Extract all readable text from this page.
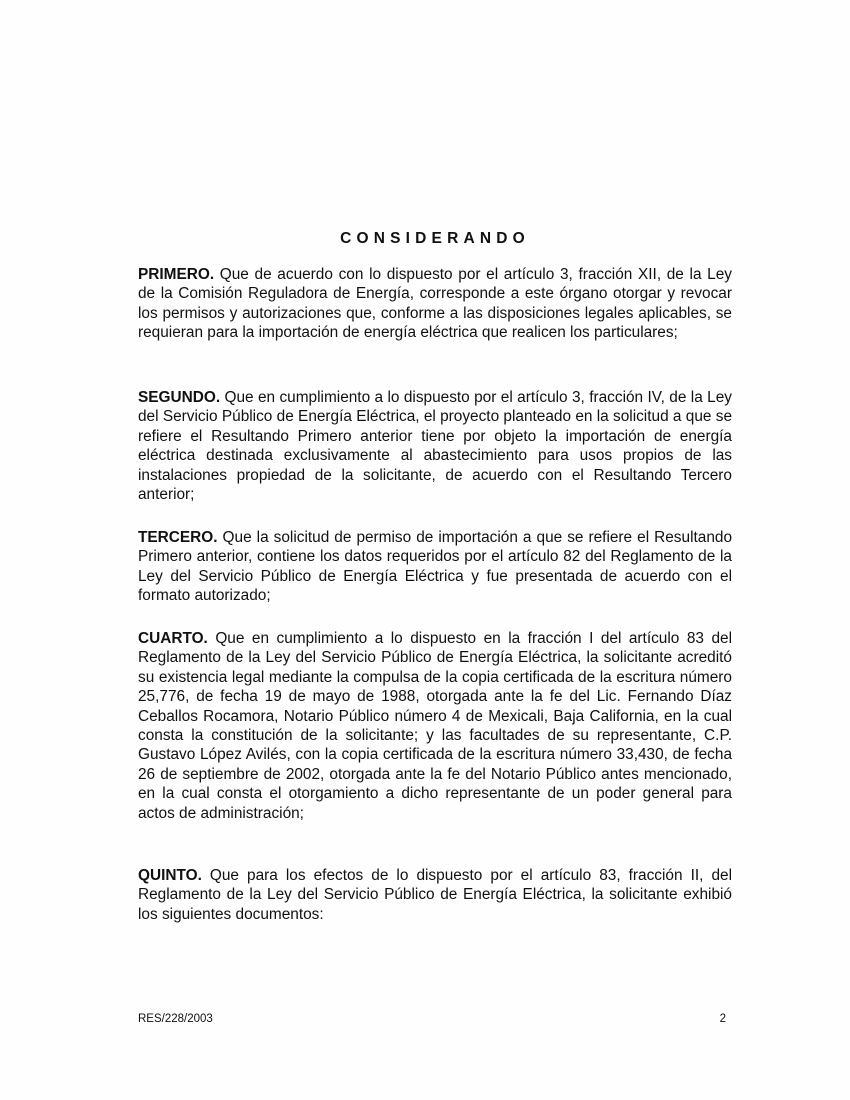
CONSIDERANDO

PRIMERO. Que de acuerdo con lo dispuesto por el artículo 3, fracción XII, de la Ley de la Comisión Reguladora de Energía, corresponde a este órgano otorgar y revocar los permisos y autorizaciones que, conforme a las disposiciones legales aplicables, se requieran para la importación de energía eléctrica que realicen los particulares;

SEGUNDO. Que en cumplimiento a lo dispuesto por el artículo 3, fracción IV, de la Ley del Servicio Público de Energía Eléctrica, el proyecto planteado en la solicitud a que se refiere el Resultando Primero anterior tiene por objeto la importación de energía eléctrica destinada exclusivamente al abastecimiento para usos propios de las instalaciones propiedad de la solicitante, de acuerdo con el Resultando Tercero anterior;

TERCERO. Que la solicitud de permiso de importación a que se refiere el Resultando Primero anterior, contiene los datos requeridos por el artículo 82 del Reglamento de la Ley del Servicio Público de Energía Eléctrica y fue presentada de acuerdo con el formato autorizado;

CUARTO. Que en cumplimiento a lo dispuesto en la fracción I del artículo 83 del Reglamento de la Ley del Servicio Público de Energía Eléctrica, la solicitante acreditó su existencia legal mediante la compulsa de la copia certificada de la escritura número 25,776, de fecha 19 de mayo de 1988, otorgada ante la fe del Lic. Fernando Díaz Ceballos Rocamora, Notario Público número 4 de Mexicali, Baja California, en la cual consta la constitución de la solicitante; y las facultades de su representante, C.P. Gustavo López Avilés, con la copia certificada de la escritura número 33,430, de fecha 26 de septiembre de 2002, otorgada ante la fe del Notario Público antes mencionado, en la cual consta el otorgamiento a dicho representante de un poder general para actos de administración;

QUINTO. Que para los efectos de lo dispuesto por el artículo 83, fracción II, del Reglamento de la Ley del Servicio Público de Energía Eléctrica, la solicitante exhibió los siguientes documentos:

RES/228/2003	2
